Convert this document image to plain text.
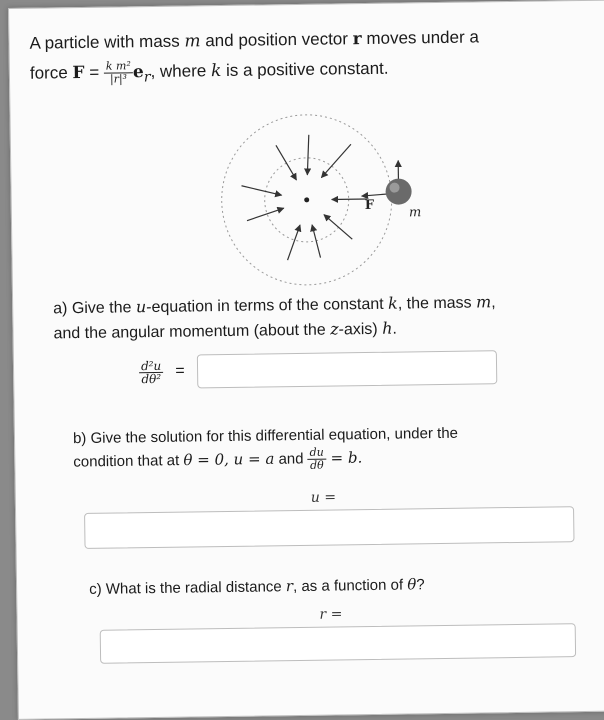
A particle with mass m and position vector r moves under a
force $F = \frac{\text{k m²}}{\text{|r|³}} e_r$, where k is a positive constant.
F	m
a) Give the u-equation in terms of the constant k, the mass m,
and the angular momentum (about the z-axis) h.
$\frac{\text{d²u}}{\text{dθ²}}$ =
b) Give the solution for this differential equation, under the
condition that at θ = 0, u = a and $\frac{du}{d\theta} = b$.
u =
c) What is the radial distance r, as a function of θ?
r =
